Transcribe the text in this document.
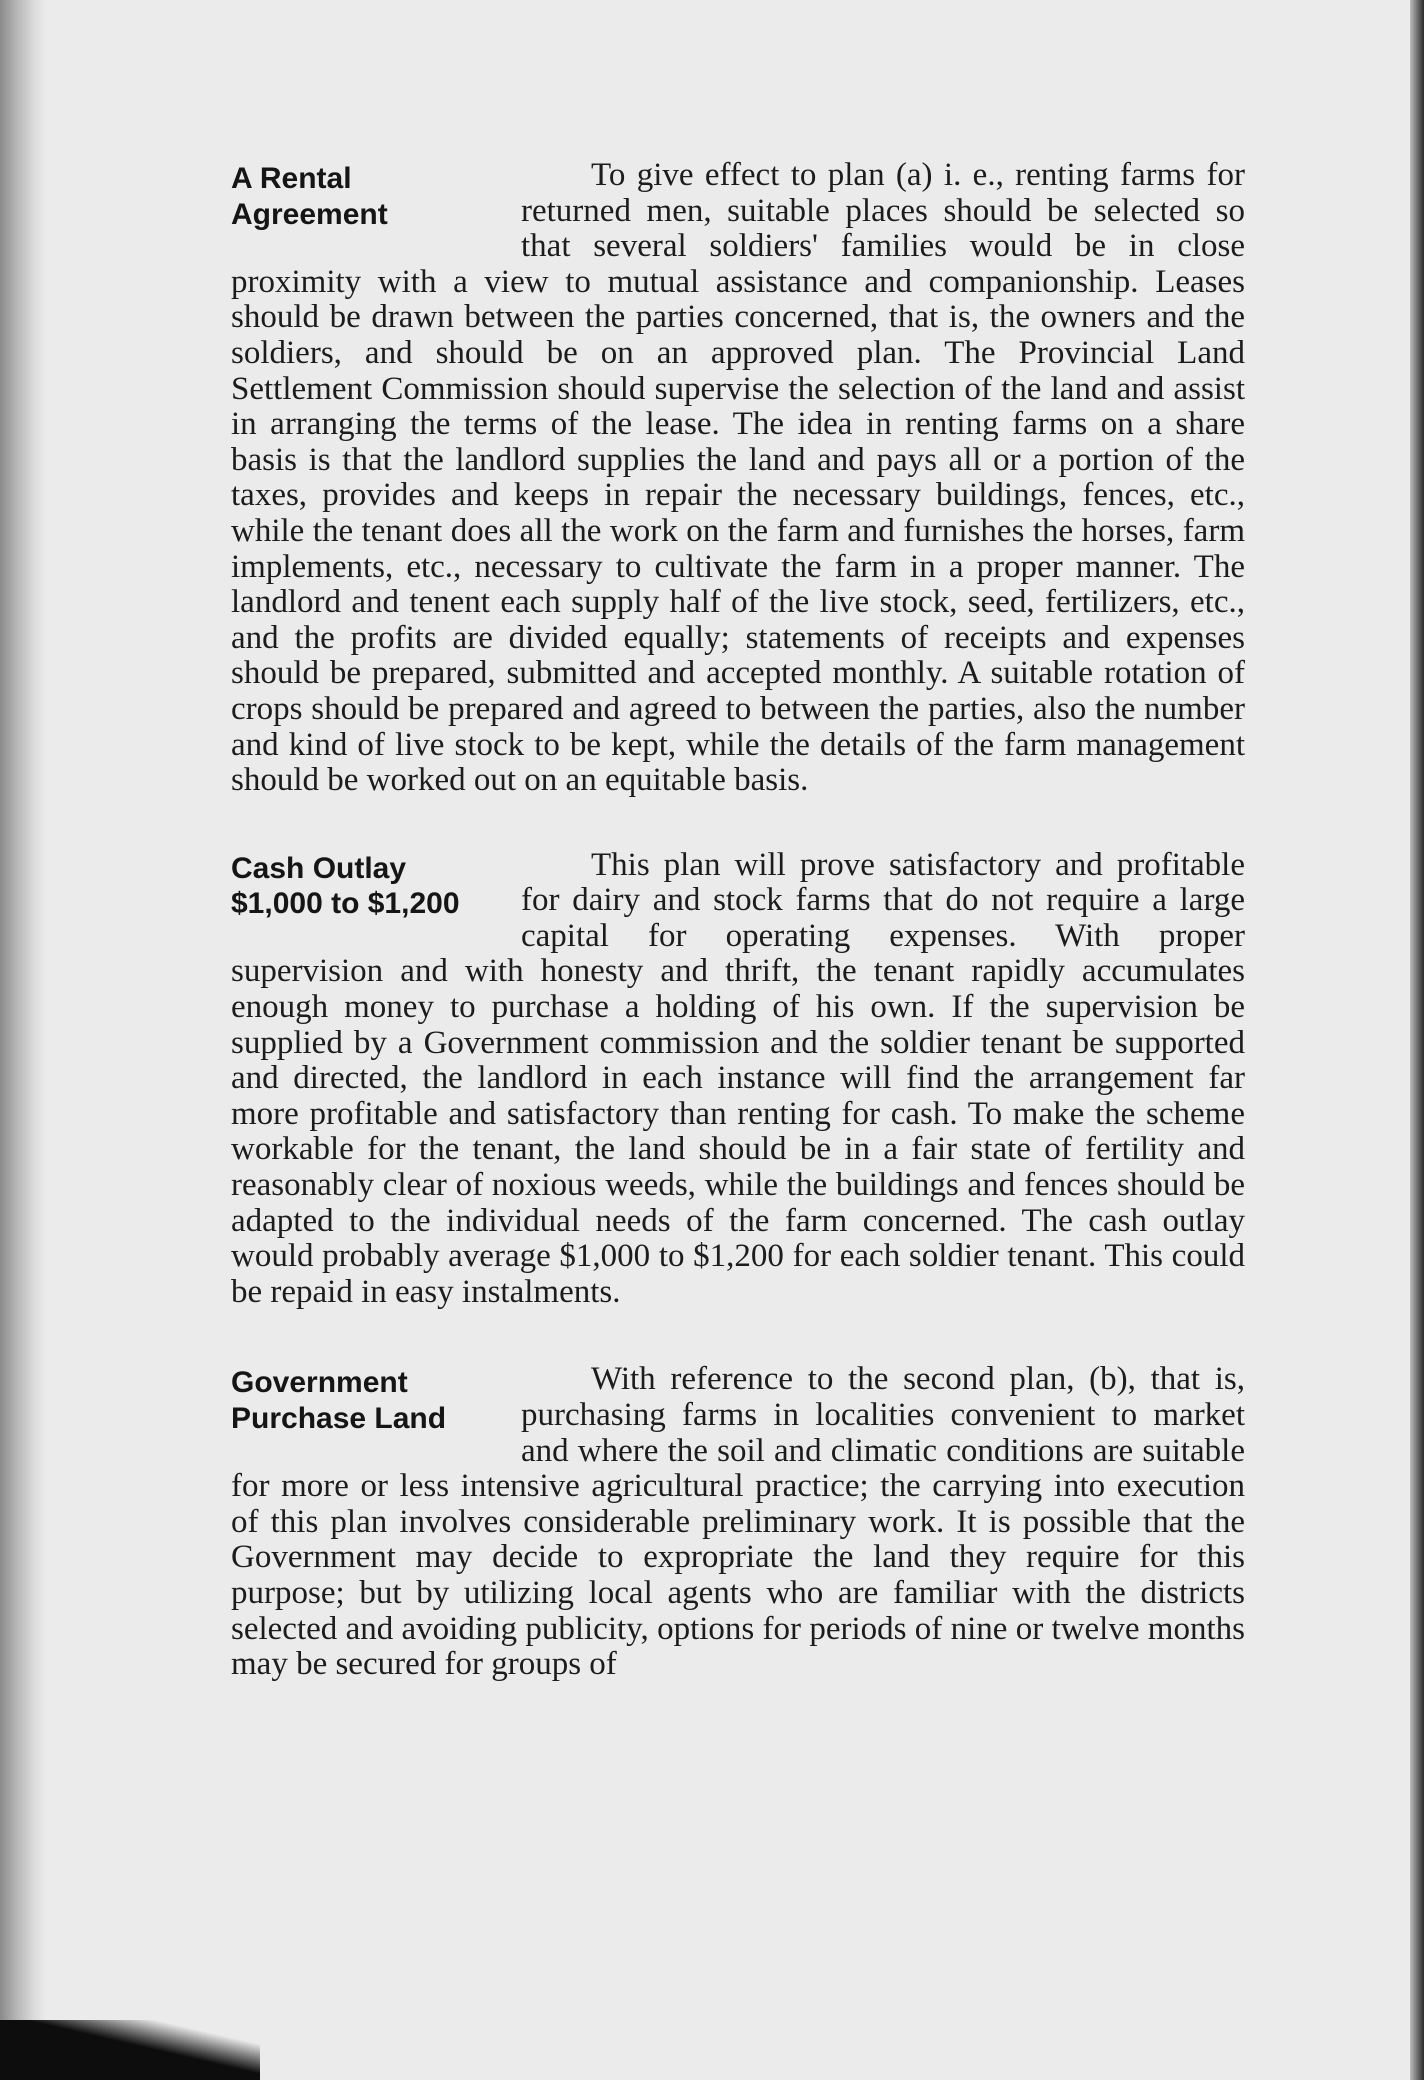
A Rental
Agreement

To give effect to plan (a) i. e., renting farms for returned men, suitable places should be selected so that several soldiers' families would be in close proximity with a view to mutual assistance and companionship. Leases should be drawn between the parties concerned, that is, the owners and the soldiers, and should be on an approved plan. The Provincial Land Settlement Commission should supervise the selection of the land and assist in arranging the terms of the lease. The idea in renting farms on a share basis is that the landlord supplies the land and pays all or a portion of the taxes, provides and keeps in repair the necessary buildings, fences, etc., while the tenant does all the work on the farm and furnishes the horses, farm implements, etc., necessary to cultivate the farm in a proper manner. The landlord and tenent each supply half of the live stock, seed, fertilizers, etc., and the profits are divided equally; statements of receipts and expenses should be prepared, submitted and accepted monthly. A suitable rotation of crops should be prepared and agreed to between the parties, also the number and kind of live stock to be kept, while the details of the farm management should be worked out on an equitable basis.

Cash Outlay
$1,000 to $1,200

This plan will prove satisfactory and profitable for dairy and stock farms that do not require a large capital for operating expenses. With proper supervision and with honesty and thrift, the tenant rapidly accumulates enough money to purchase a holding of his own. If the supervision be supplied by a Government commission and the soldier tenant be supported and directed, the landlord in each instance will find the arrangement far more profitable and satisfactory than renting for cash. To make the scheme workable for the tenant, the land should be in a fair state of fertility and reasonably clear of noxious weeds, while the buildings and fences should be adapted to the individual needs of the farm concerned. The cash outlay would probably average $1,000 to $1,200 for each soldier tenant. This could be repaid in easy instalments.

Government
Purchase Land

With reference to the second plan, (b), that is, purchasing farms in localities convenient to market and where the soil and climatic conditions are suitable for more or less intensive agricultural practice; the carrying into execution of this plan involves considerable preliminary work. It is possible that the Government may decide to expropriate the land they require for this purpose; but by utilizing local agents who are familiar with the districts selected and avoiding publicity, options for periods of nine or twelve months may be secured for groups of
